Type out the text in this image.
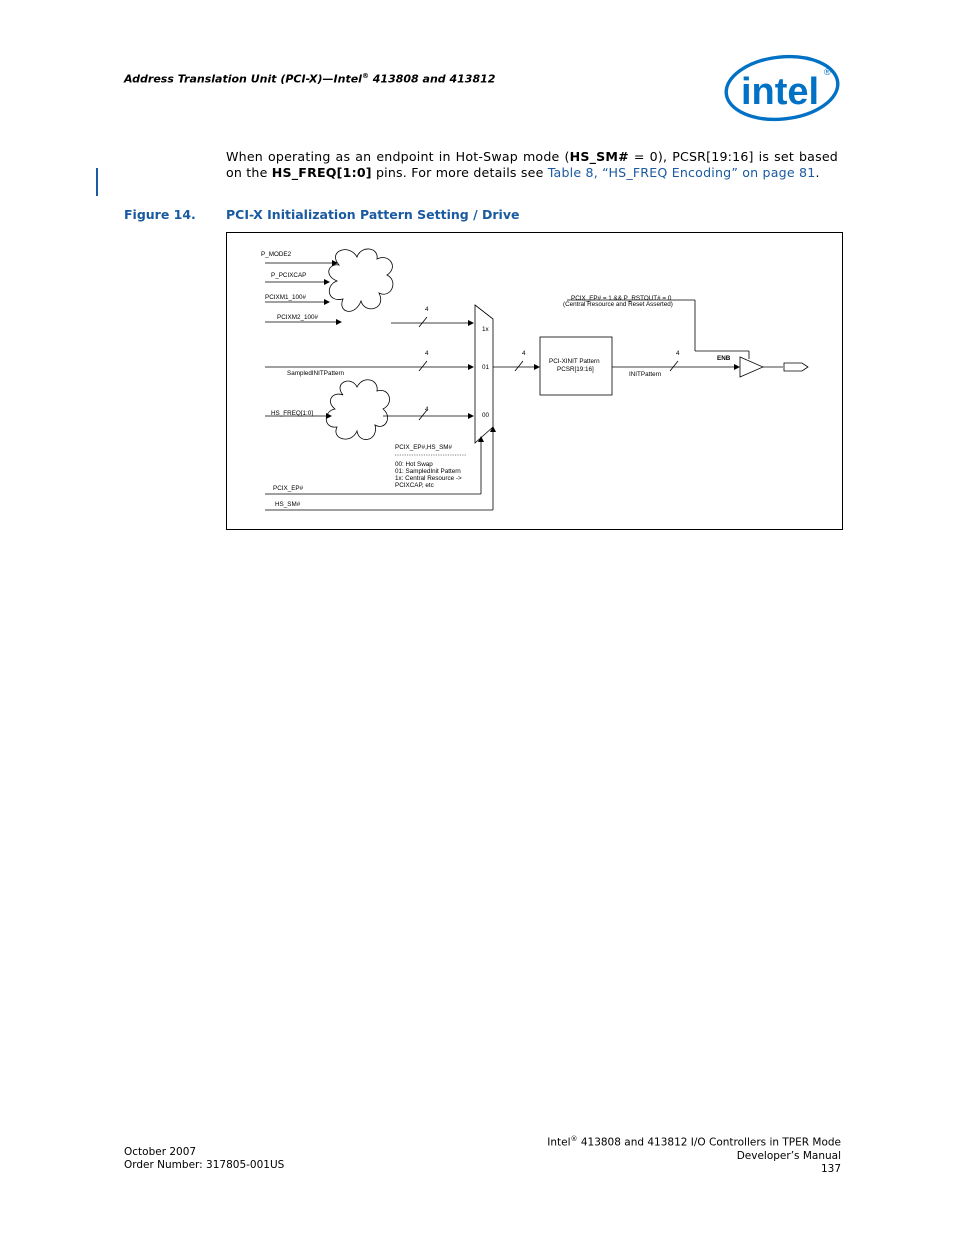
Address Translation Unit (PCI-X)—Intel® 413808 and 413812	intel ®
When operating as an endpoint in Hot-Swap mode (HS_SM# = 0), PCSR[19:16] is set based on the HS_FREQ[1:0] pins. For more details see Table 8, “HS_FREQ Encoding” on page 81.
Figure 14. PCI-X Initialization Pattern Setting / Drive
P_MODE2
P_PCIXCAP
PCIXM1_100#
PCIXM2_100#
4
SampledINITPattern
4
HS_FREQ[1:0]
4
1x
01
00
4
PCI-XINIT Pattern
PCSR[19:16]
INITPattern
4
PCIX_EP# = 1 && P_RSTOUT# = 0
(Central Resource and Reset Asserted)
ENB
PCIX_EP#,HS_SM#
00: Hot Swap
01: SampledInit Pattern
1x: Central Resource ->
PCIXCAP, etc
PCIX_EP#
HS_SM#
October 2007
Order Number: 317805-001US
Intel® 413808 and 413812 I/O Controllers in TPER Mode
Developer’s Manual
137
